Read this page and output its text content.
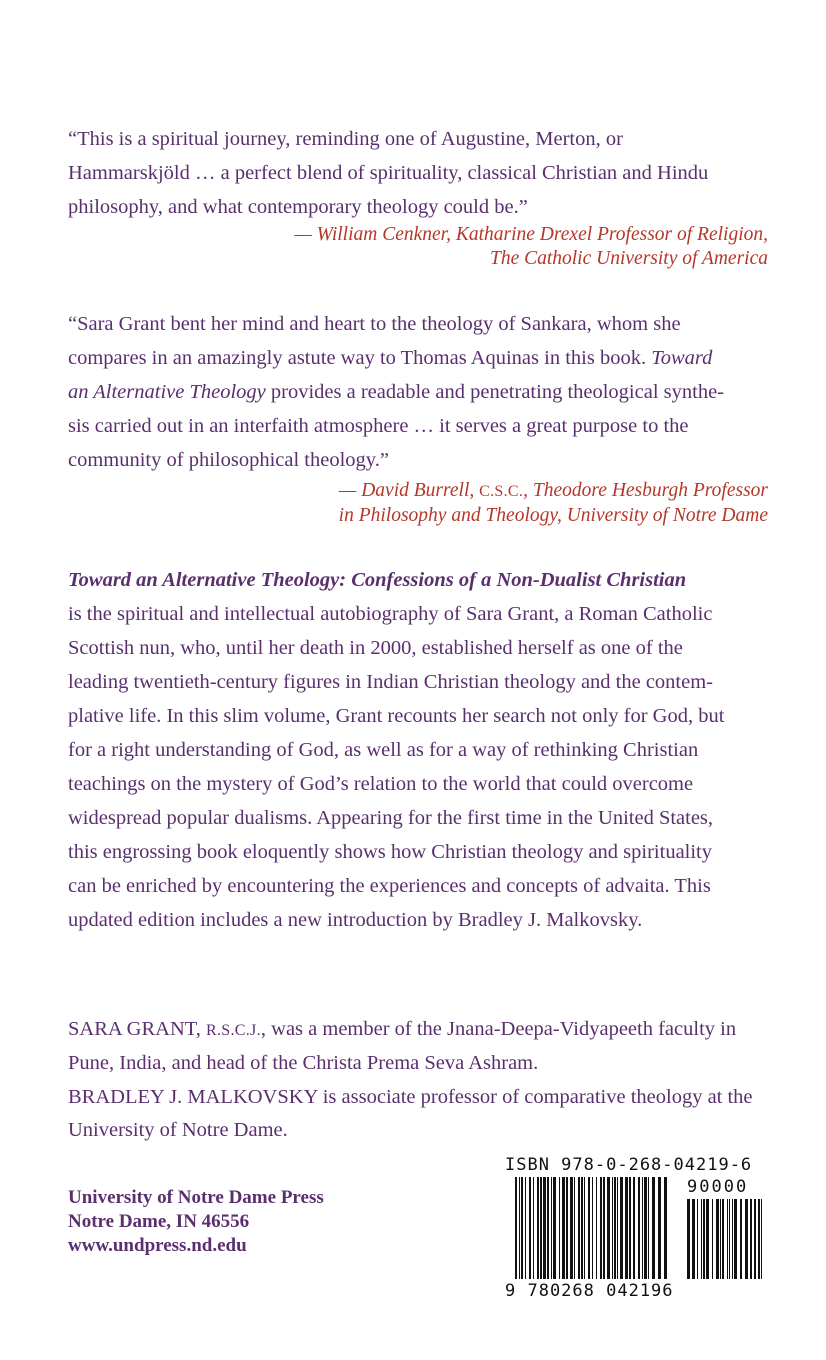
“This is a spiritual journey, reminding one of Augustine, Merton, or
Hammarskjöld … a perfect blend of spirituality, classical Christian and Hindu
philosophy, and what contemporary theology could be.”
— William Cenkner, Katharine Drexel Professor of Religion,
The Catholic University of America
“Sara Grant bent her mind and heart to the theology of Sankara, whom she
compares in an amazingly astute way to Thomas Aquinas in this book. Toward
an Alternative Theology provides a readable and penetrating theological synthe-
sis carried out in an interfaith atmosphere … it serves a great purpose to the
community of philosophical theology.”
— David Burrell, C.S.C., Theodore Hesburgh Professor
in Philosophy and Theology, University of Notre Dame
Toward an Alternative Theology: Confessions of a Non-Dualist Christian
is the spiritual and intellectual autobiography of Sara Grant, a Roman Catholic
Scottish nun, who, until her death in 2000, established herself as one of the
leading twentieth-century figures in Indian Christian theology and the contem-
plative life. In this slim volume, Grant recounts her search not only for God, but
for a right understanding of God, as well as for a way of rethinking Christian
teachings on the mystery of God’s relation to the world that could overcome
widespread popular dualisms. Appearing for the first time in the United States,
this engrossing book eloquently shows how Christian theology and spirituality
can be enriched by encountering the experiences and concepts of advaita. This
updated edition includes a new introduction by Bradley J. Malkovsky.
SARA GRANT, R.S.C.J., was a member of the Jnana-Deepa-Vidyapeeth faculty in
Pune, India, and head of the Christa Prema Seva Ashram.
BRADLEY J. MALKOVSKY is associate professor of comparative theology at the
University of Notre Dame.
University of Notre Dame Press
Notre Dame, IN 46556
www.undpress.nd.edu
ISBN 978-0-268-04219-6
90000
9 780268 042196
